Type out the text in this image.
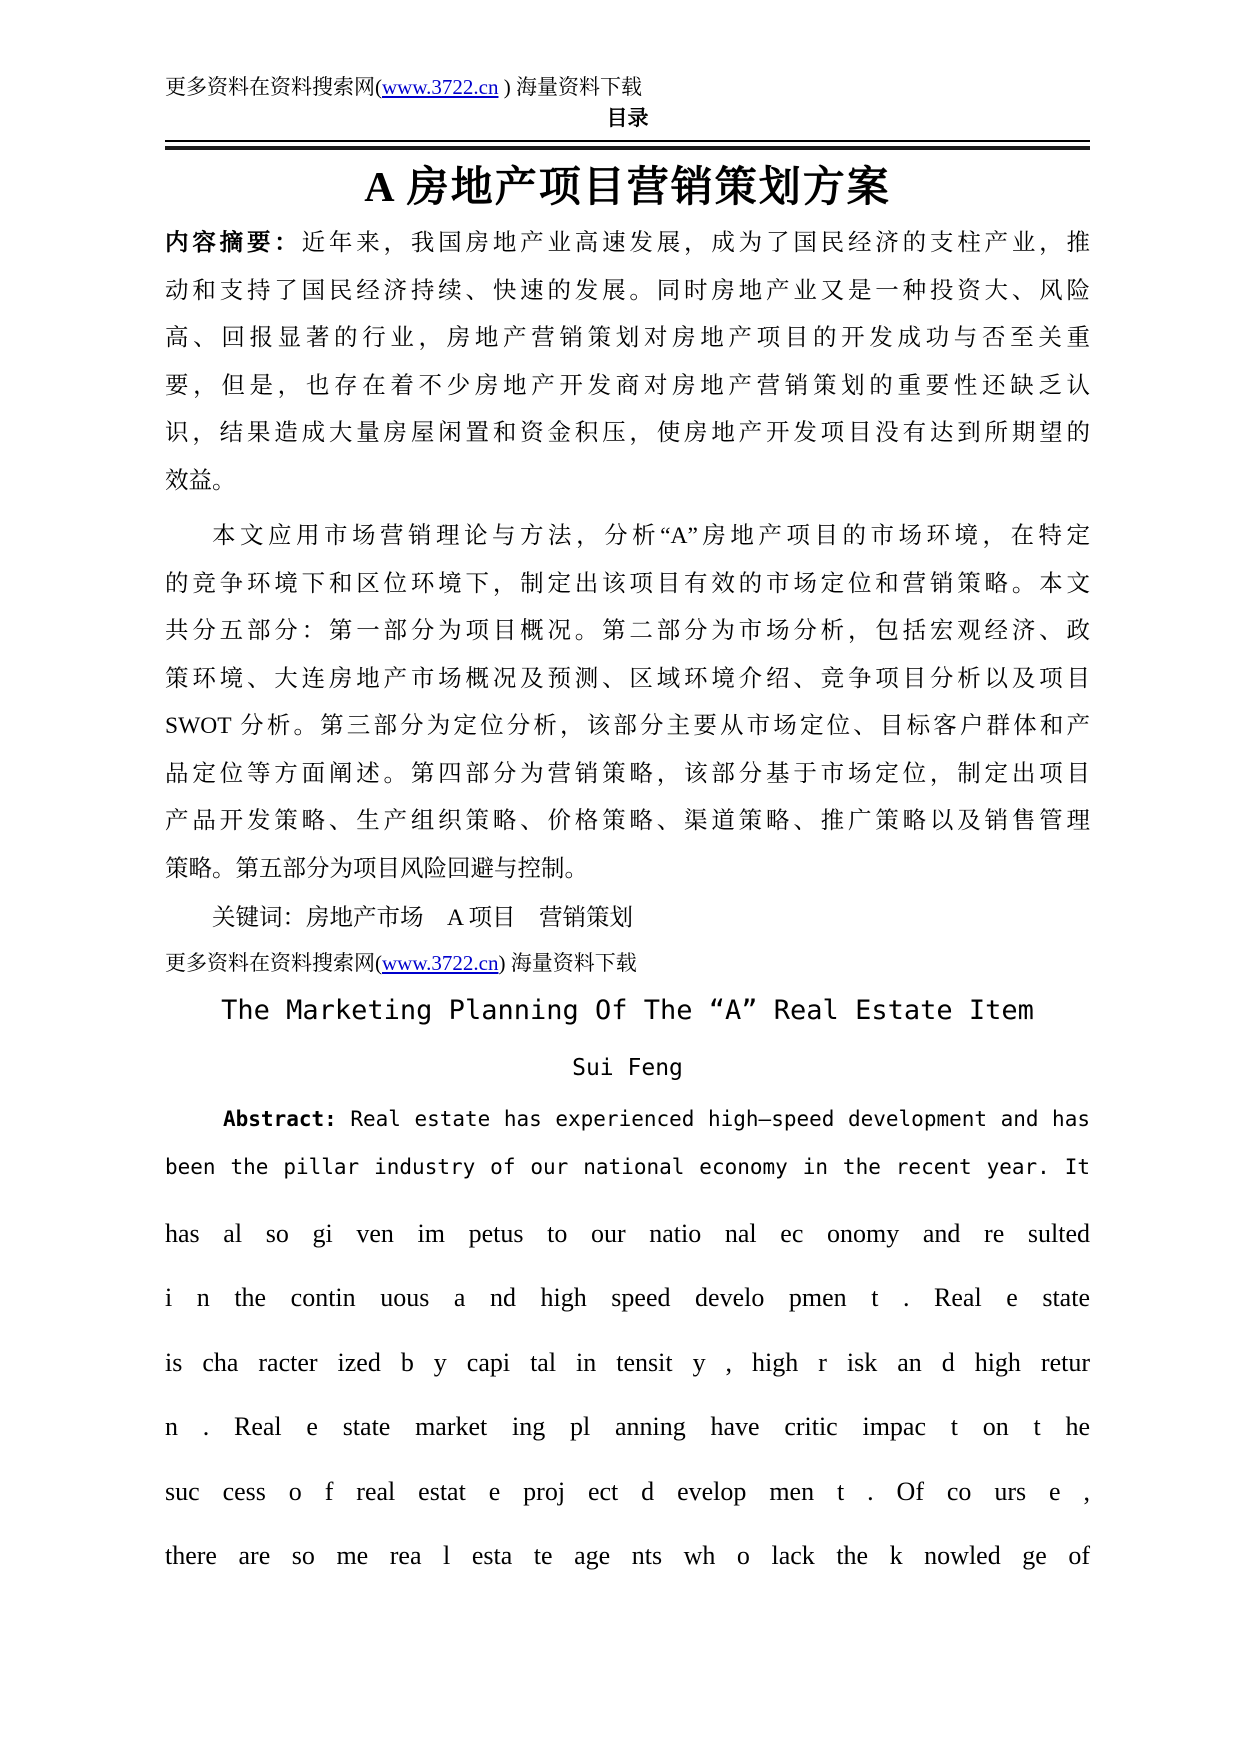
更多资料在资料搜索网(www.3722.cn ) 海量资料下载
目录
A 房地产项目营销策划方案
内容摘要：近年来，我国房地产业高速发展，成为了国民经济的支柱产业，推
动和支持了国民经济持续、快速的发展。同时房地产业又是一种投资大、风险
高、回报显著的行业，房地产营销策划对房地产项目的开发成功与否至关重
要，但是，也存在着不少房地产开发商对房地产营销策划的重要性还缺乏认
识，结果造成大量房屋闲置和资金积压，使房地产开发项目没有达到所期望的
效益。
本文应用市场营销理论与方法，分析“A”房地产项目的市场环境，在特定
的竞争环境下和区位环境下，制定出该项目有效的市场定位和营销策略。本文
共分五部分：第一部分为项目概况。第二部分为市场分析，包括宏观经济、政
策环境、大连房地产市场概况及预测、区域环境介绍、竞争项目分析以及项目
SWOT 分析。第三部分为定位分析，该部分主要从市场定位、目标客户群体和产
品定位等方面阐述。第四部分为营销策略，该部分基于市场定位，制定出项目
产品开发策略、生产组织策略、价格策略、渠道策略、推广策略以及销售管理
策略。第五部分为项目风险回避与控制。
关键词：房地产市场　A 项目　营销策划
更多资料在资料搜索网(www.3722.cn) 海量资料下载
The Marketing Planning Of The “A” Real Estate Item
Sui Feng
Abstract: Real estate has experienced high—speed development and has
been the pillar industry of our national economy in the recent year. It
has al so gi ven im petus to our natio nal ec onomy and re sulted
i n the contin uous a nd high speed develo pmen t . Real e state
is cha racter ized b y capi tal in tensit y , high r isk an d high retur
n . Real e state market ing pl anning have critic impac t on t he
suc cess o f real estat e proj ect d evelop men t . Of co urs e ,
there are so me rea l esta te age nts wh o lack the k nowled ge of
